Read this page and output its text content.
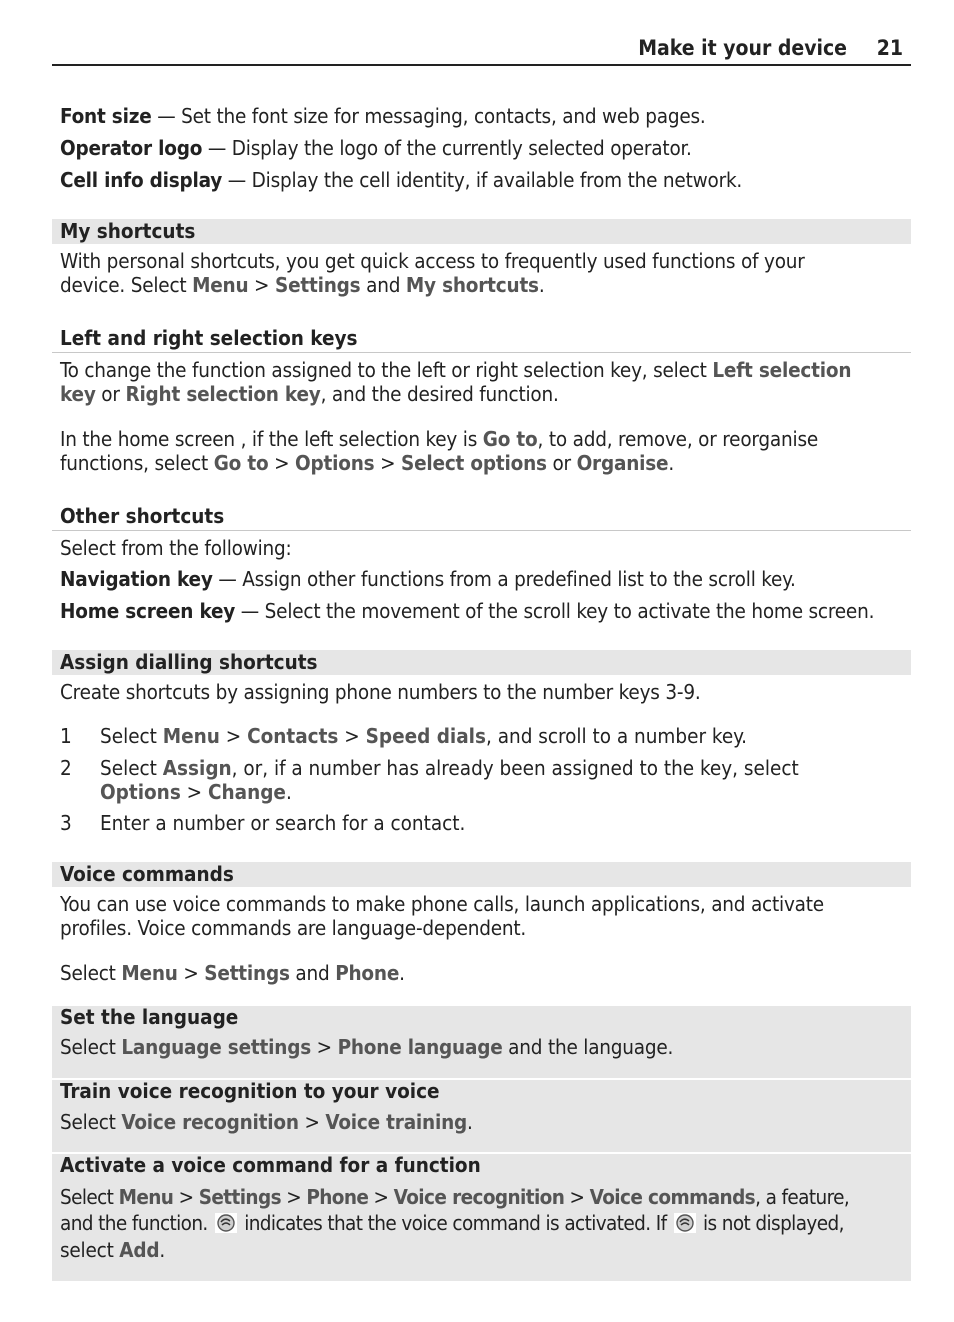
Make it your device 21
Font size — Set the font size for messaging, contacts, and web pages.
Operator logo — Display the logo of the currently selected operator.
Cell info display — Display the cell identity, if available from the network.
My shortcuts
With personal shortcuts, you get quick access to frequently used functions of your
device. Select Menu > Settings and My shortcuts.
Left and right selection keys
To change the function assigned to the left or right selection key, select Left selection
key or Right selection key, and the desired function.
In the home screen , if the left selection key is Go to, to add, remove, or reorganise
functions, select Go to > Options > Select options or Organise.
Other shortcuts
Select from the following:
Navigation key — Assign other functions from a predefined list to the scroll key.
Home screen key — Select the movement of the scroll key to activate the home screen.
Assign dialling shortcuts
Create shortcuts by assigning phone numbers to the number keys 3-9.
1 Select Menu > Contacts > Speed dials, and scroll to a number key.
2 Select Assign, or, if a number has already been assigned to the key, select
Options > Change.
3 Enter a number or search for a contact.
Voice commands
You can use voice commands to make phone calls, launch applications, and activate
profiles. Voice commands are language-dependent.
Select Menu > Settings and Phone.
Set the language
Select Language settings > Phone language and the language.
Train voice recognition to your voice
Select Voice recognition > Voice training.
Activate a voice command for a function
Select Menu > Settings > Phone > Voice recognition > Voice commands, a feature,
and the function.  indicates that the voice command is activated. If  is not displayed,
select Add.
